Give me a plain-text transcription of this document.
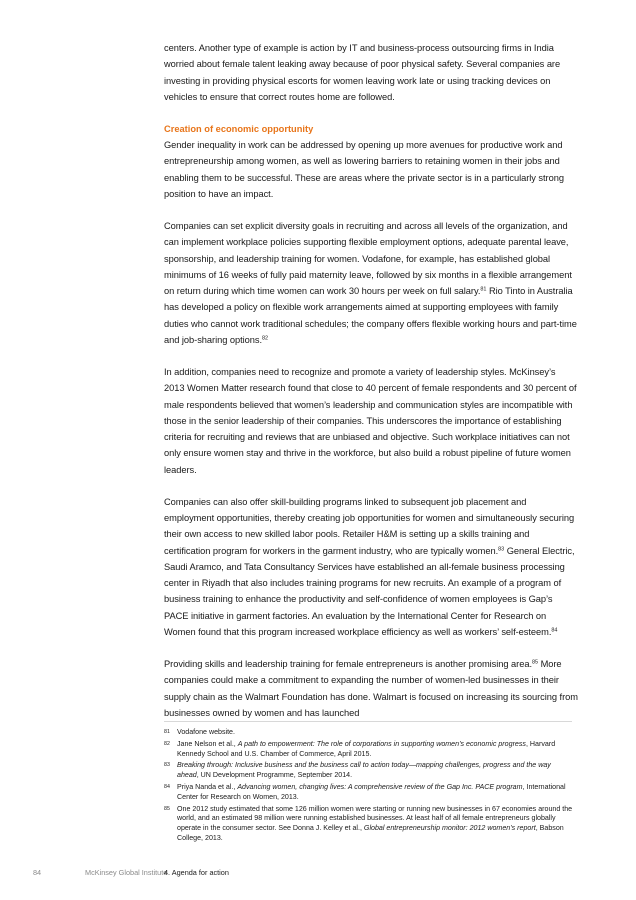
centers. Another type of example is action by IT and business-process outsourcing firms in India worried about female talent leaking away because of poor physical safety. Several companies are investing in providing physical escorts for women leaving work late or using tracking devices on vehicles to ensure that correct routes home are followed.

Creation of economic opportunity

Gender inequality in work can be addressed by opening up more avenues for productive work and entrepreneurship among women, as well as lowering barriers to retaining women in their jobs and enabling them to be successful. These are areas where the private sector is in a particularly strong position to have an impact.

Companies can set explicit diversity goals in recruiting and across all levels of the organization, and can implement workplace policies supporting flexible employment options, adequate parental leave, sponsorship, and leadership training for women. Vodafone, for example, has established global minimums of 16 weeks of fully paid maternity leave, followed by six months in a flexible arrangement on return during which time women can work 30 hours per week on full salary.$^{81}$ Rio Tinto in Australia has developed a policy on flexible work arrangements aimed at supporting employees with family duties who cannot work traditional schedules; the company offers flexible working hours and part-time and job-sharing options.$^{82}$

In addition, companies need to recognize and promote a variety of leadership styles. McKinsey’s 2013 Women Matter research found that close to 40 percent of female respondents and 30 percent of male respondents believed that women’s leadership and communication styles are incompatible with those in the senior leadership of their companies. This underscores the importance of establishing criteria for recruiting and reviews that are unbiased and objective. Such workplace initiatives can not only ensure women stay and thrive in the workforce, but also build a robust pipeline of future women leaders.

Companies can also offer skill-building programs linked to subsequent job placement and employment opportunities, thereby creating job opportunities for women and simultaneously securing their own access to new skilled labor pools. Retailer H&M is setting up a skills training and certification program for workers in the garment industry, who are typically women.$^{83}$ General Electric, Saudi Aramco, and Tata Consultancy Services have established an all-female business processing center in Riyadh that also includes training programs for new recruits. An example of a program of business training to enhance the productivity and self-confidence of women employees is Gap’s PACE initiative in garment factories. An evaluation by the International Center for Research on Women found that this program increased workplace efficiency as well as workers’ self-esteem.$^{84}$

Providing skills and leadership training for female entrepreneurs is another promising area.$^{85}$ More companies could make a commitment to expanding the number of women-led businesses in their supply chain as the Walmart Foundation has done. Walmart is focused on increasing its sourcing from businesses owned by women and has launched

81 Vodafone website.
82 Jane Nelson et al., A path to empowerment: The role of corporations in supporting women’s economic progress, Harvard Kennedy School and U.S. Chamber of Commerce, April 2015.
83 Breaking through: Inclusive business and the business call to action today—mapping challenges, progress and the way ahead, UN Development Programme, September 2014.
84 Priya Nanda et al., Advancing women, changing lives: A comprehensive review of the Gap Inc. PACE program, International Center for Research on Women, 2013.
85 One 2012 study estimated that some 126 million women were starting or running new businesses in 67 economies around the world, and an estimated 98 million were running established businesses. At least half of all female entrepreneurs globally operate in the consumer sector. See Donna J. Kelley et al., Global entrepreneurship monitor: 2012 women’s report, Babson College, 2013.
84	McKinsey Global Institute
4. Agenda for action
